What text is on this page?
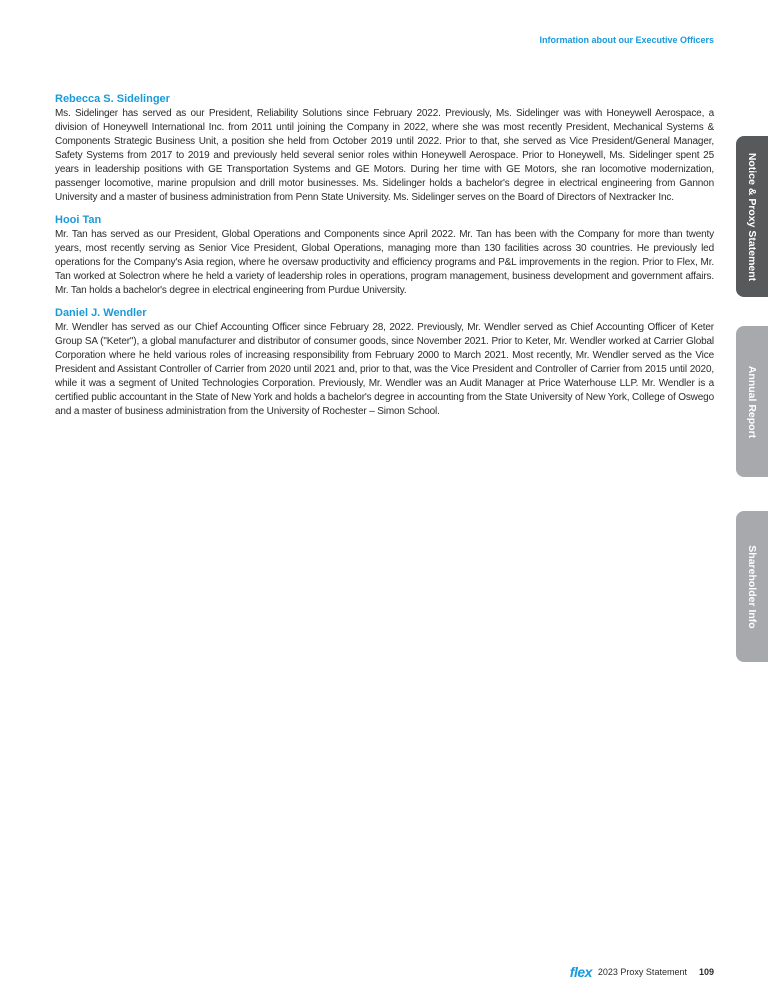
Information about our Executive Officers

Rebecca S. Sidelinger

Ms. Sidelinger has served as our President, Reliability Solutions since February 2022. Previously, Ms. Sidelinger was with Honeywell Aerospace, a division of Honeywell International Inc. from 2011 until joining the Company in 2022, where she was most recently President, Mechanical Systems & Components Strategic Business Unit, a position she held from October 2019 until 2022. Prior to that, she served as Vice President/General Manager, Safety Systems from 2017 to 2019 and previously held several senior roles within Honeywell Aerospace. Prior to Honeywell, Ms. Sidelinger spent 25 years in leadership positions with GE Transportation Systems and GE Motors. During her time with GE Motors, she ran locomotive modernization, passenger locomotive, marine propulsion and drill motor businesses. Ms. Sidelinger holds a bachelor's degree in electrical engineering from Gannon University and a master of business administration from Penn State University. Ms. Sidelinger serves on the Board of Directors of Nextracker Inc.

Hooi Tan

Mr. Tan has served as our President, Global Operations and Components since April 2022. Mr. Tan has been with the Company for more than twenty years, most recently serving as Senior Vice President, Global Operations, managing more than 130 facilities across 30 countries. He previously led operations for the Company's Asia region, where he oversaw productivity and efficiency programs and P&L improvements in the region. Prior to Flex, Mr. Tan worked at Solectron where he held a variety of leadership roles in operations, program management, business development and government affairs. Mr. Tan holds a bachelor's degree in electrical engineering from Purdue University.

Daniel J. Wendler

Mr. Wendler has served as our Chief Accounting Officer since February 28, 2022. Previously, Mr. Wendler served as Chief Accounting Officer of Keter Group SA ("Keter"), a global manufacturer and distributor of consumer goods, since November 2021. Prior to Keter, Mr. Wendler worked at Carrier Global Corporation where he held various roles of increasing responsibility from February 2000 to March 2021. Most recently, Mr. Wendler served as the Vice President and Assistant Controller of Carrier from 2020 until 2021 and, prior to that, was the Vice President and Controller of Carrier from 2015 until 2020, while it was a segment of United Technologies Corporation. Previously, Mr. Wendler was an Audit Manager at Price Waterhouse LLP. Mr. Wendler is a certified public accountant in the State of New York and holds a bachelor's degree in accounting from the State University of New York, College of Oswego and a master of business administration from the University of Rochester – Simon School.

Notice & Proxy Statement
Annual Report
Shareholder Info
flex 2023 Proxy Statement 109
